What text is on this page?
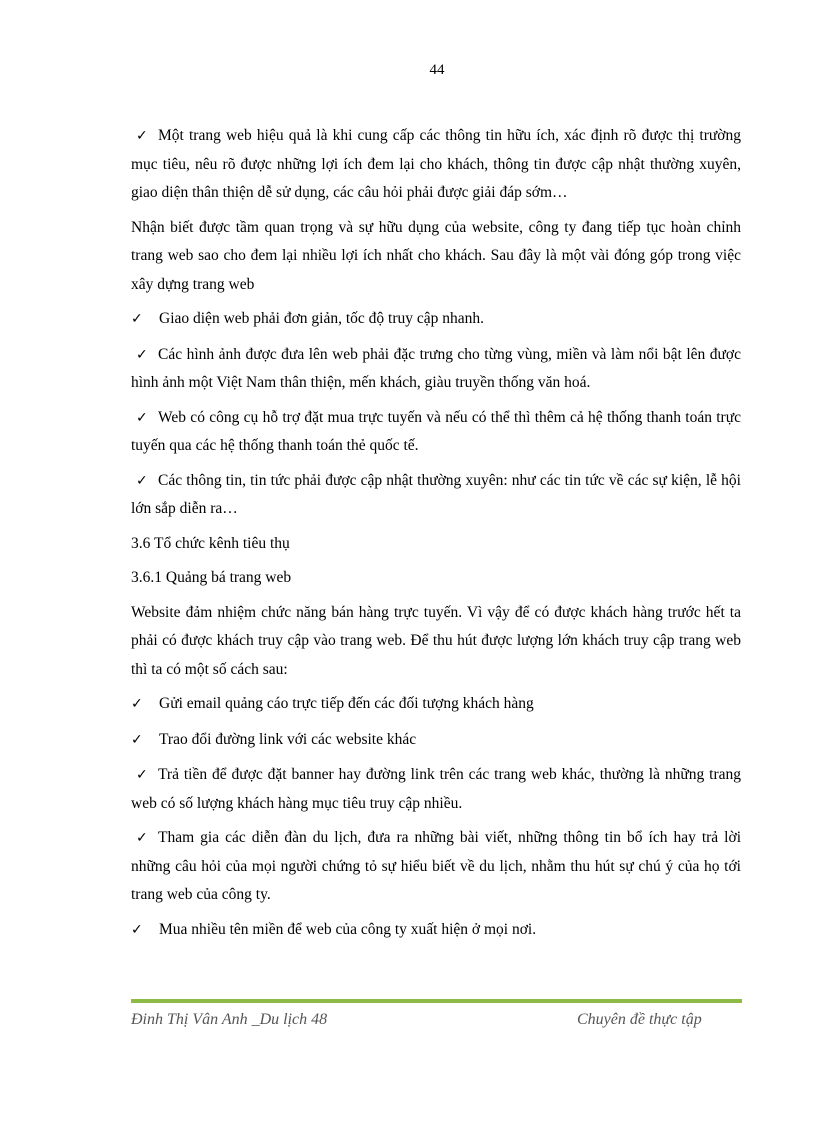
44

✓ Một trang web hiệu quả là khi cung cấp các thông tin hữu ích, xác định rõ được thị trường mục tiêu, nêu rõ được những lợi ích đem lại cho khách, thông tin được cập nhật thường xuyên, giao diện thân thiện dễ sử dụng, các câu hỏi phải được giải đáp sớm…

Nhận biết được tầm quan trọng và sự hữu dụng của website, công ty đang tiếp tục hoàn chỉnh trang web sao cho đem lại nhiều lợi ích nhất cho khách. Sau đây là một vài đóng góp trong việc xây dựng trang web

✓ Giao diện web phải đơn giản, tốc độ truy cập nhanh.

✓ Các hình ảnh được đưa lên web phải đặc trưng cho từng vùng, miền và làm nổi bật lên được hình ảnh một Việt Nam thân thiện, mến khách, giàu truyền thống văn hoá.

✓ Web có công cụ hỗ trợ đặt mua trực tuyến và nếu có thể thì thêm cả hệ thống thanh toán trực tuyến qua các hệ thống thanh toán thẻ quốc tế.

✓ Các thông tin, tin tức phải được cập nhật thường xuyên: như các tin tức về các sự kiện, lễ hội lớn sắp diễn ra…

3.6 Tổ chức kênh tiêu thụ

3.6.1 Quảng bá trang web

Website đảm nhiệm chức năng bán hàng trực tuyến. Vì vậy để có được khách hàng trước hết ta phải có được khách truy cập vào trang web. Để thu hút được lượng lớn khách truy cập trang web thì ta có một số cách sau:

✓ Gửi email quảng cáo trực tiếp đến các đối tượng khách hàng

✓ Trao đổi đường link với các website khác

✓ Trả tiền để được đặt banner hay đường link trên các trang web khác, thường là những trang web có số lượng khách hàng mục tiêu truy cập nhiều.

✓ Tham gia các diễn đàn du lịch, đưa ra những bài viết, những thông tin bổ ích hay trả lời những câu hỏi của mọi người chứng tỏ sự hiểu biết về du lịch, nhằm thu hút sự chú ý của họ tới trang web của công ty.

✓ Mua nhiều tên miền để web của công ty xuất hiện ở mọi nơi.

Đinh Thị Vân Anh _Du lịch 48	Chuyên đề thực tập
